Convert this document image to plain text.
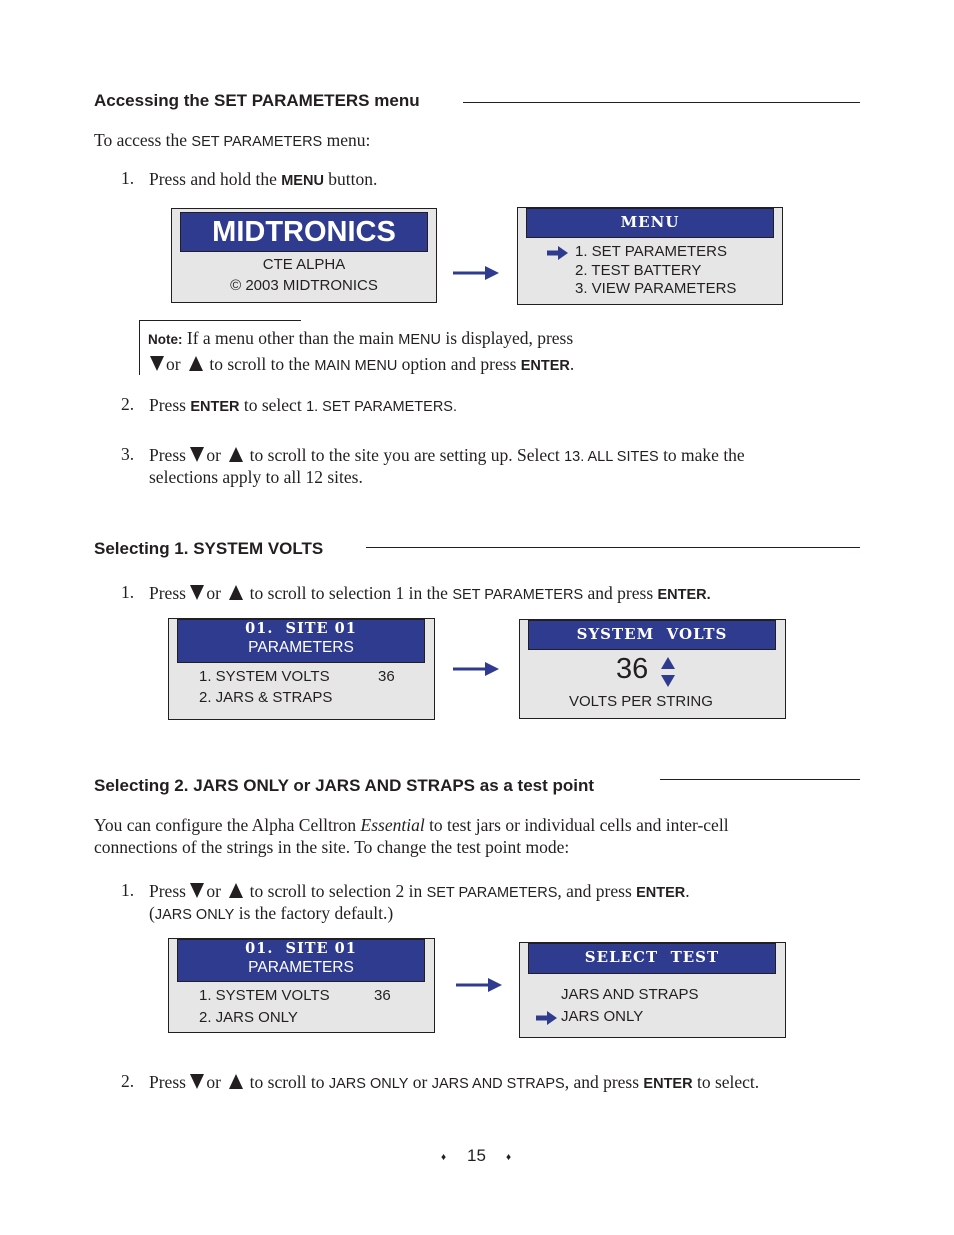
Accessing the SET PARAMETERS menu
To access the SET PARAMETERS menu:
1. Press and hold the MENU button.
MIDTRONICS
CTE ALPHA
© 2003 MIDTRONICS
MENU
1. SET PARAMETERS
2. TEST BATTERY
3. VIEW PARAMETERS
Note: If a menu other than the main MENU is displayed, press
or  to scroll to the MAIN MENU option and press ENTER.
2. Press ENTER to select 1. SET PARAMETERS.
3. Press or  to scroll to the site you are setting up. Select 13. ALL SITES to make the
selections apply to all 12 sites.
Selecting 1. SYSTEM VOLTS
1. Press or  to scroll to selection 1 in the SET PARAMETERS and press ENTER.
01.  SITE 01
PARAMETERS
1. SYSTEM VOLTS	36
2. JARS & STRAPS
SYSTEM  VOLTS
36
VOLTS PER STRING
Selecting 2. JARS ONLY or JARS AND STRAPS as a test point
You can configure the Alpha Celltron Essential to test jars or individual cells and inter-cell
connections of the strings in the site. To change the test point mode:
1. Press or  to scroll to selection 2 in SET PARAMETERS, and press ENTER.
(JARS ONLY is the factory default.)
01.  SITE 01
PARAMETERS
1. SYSTEM VOLTS	36
2. JARS ONLY
SELECT  TEST
JARS AND STRAPS
JARS ONLY
2. Press or  to scroll to JARS ONLY or JARS AND STRAPS, and press ENTER to select.
♦ 15 ♦
